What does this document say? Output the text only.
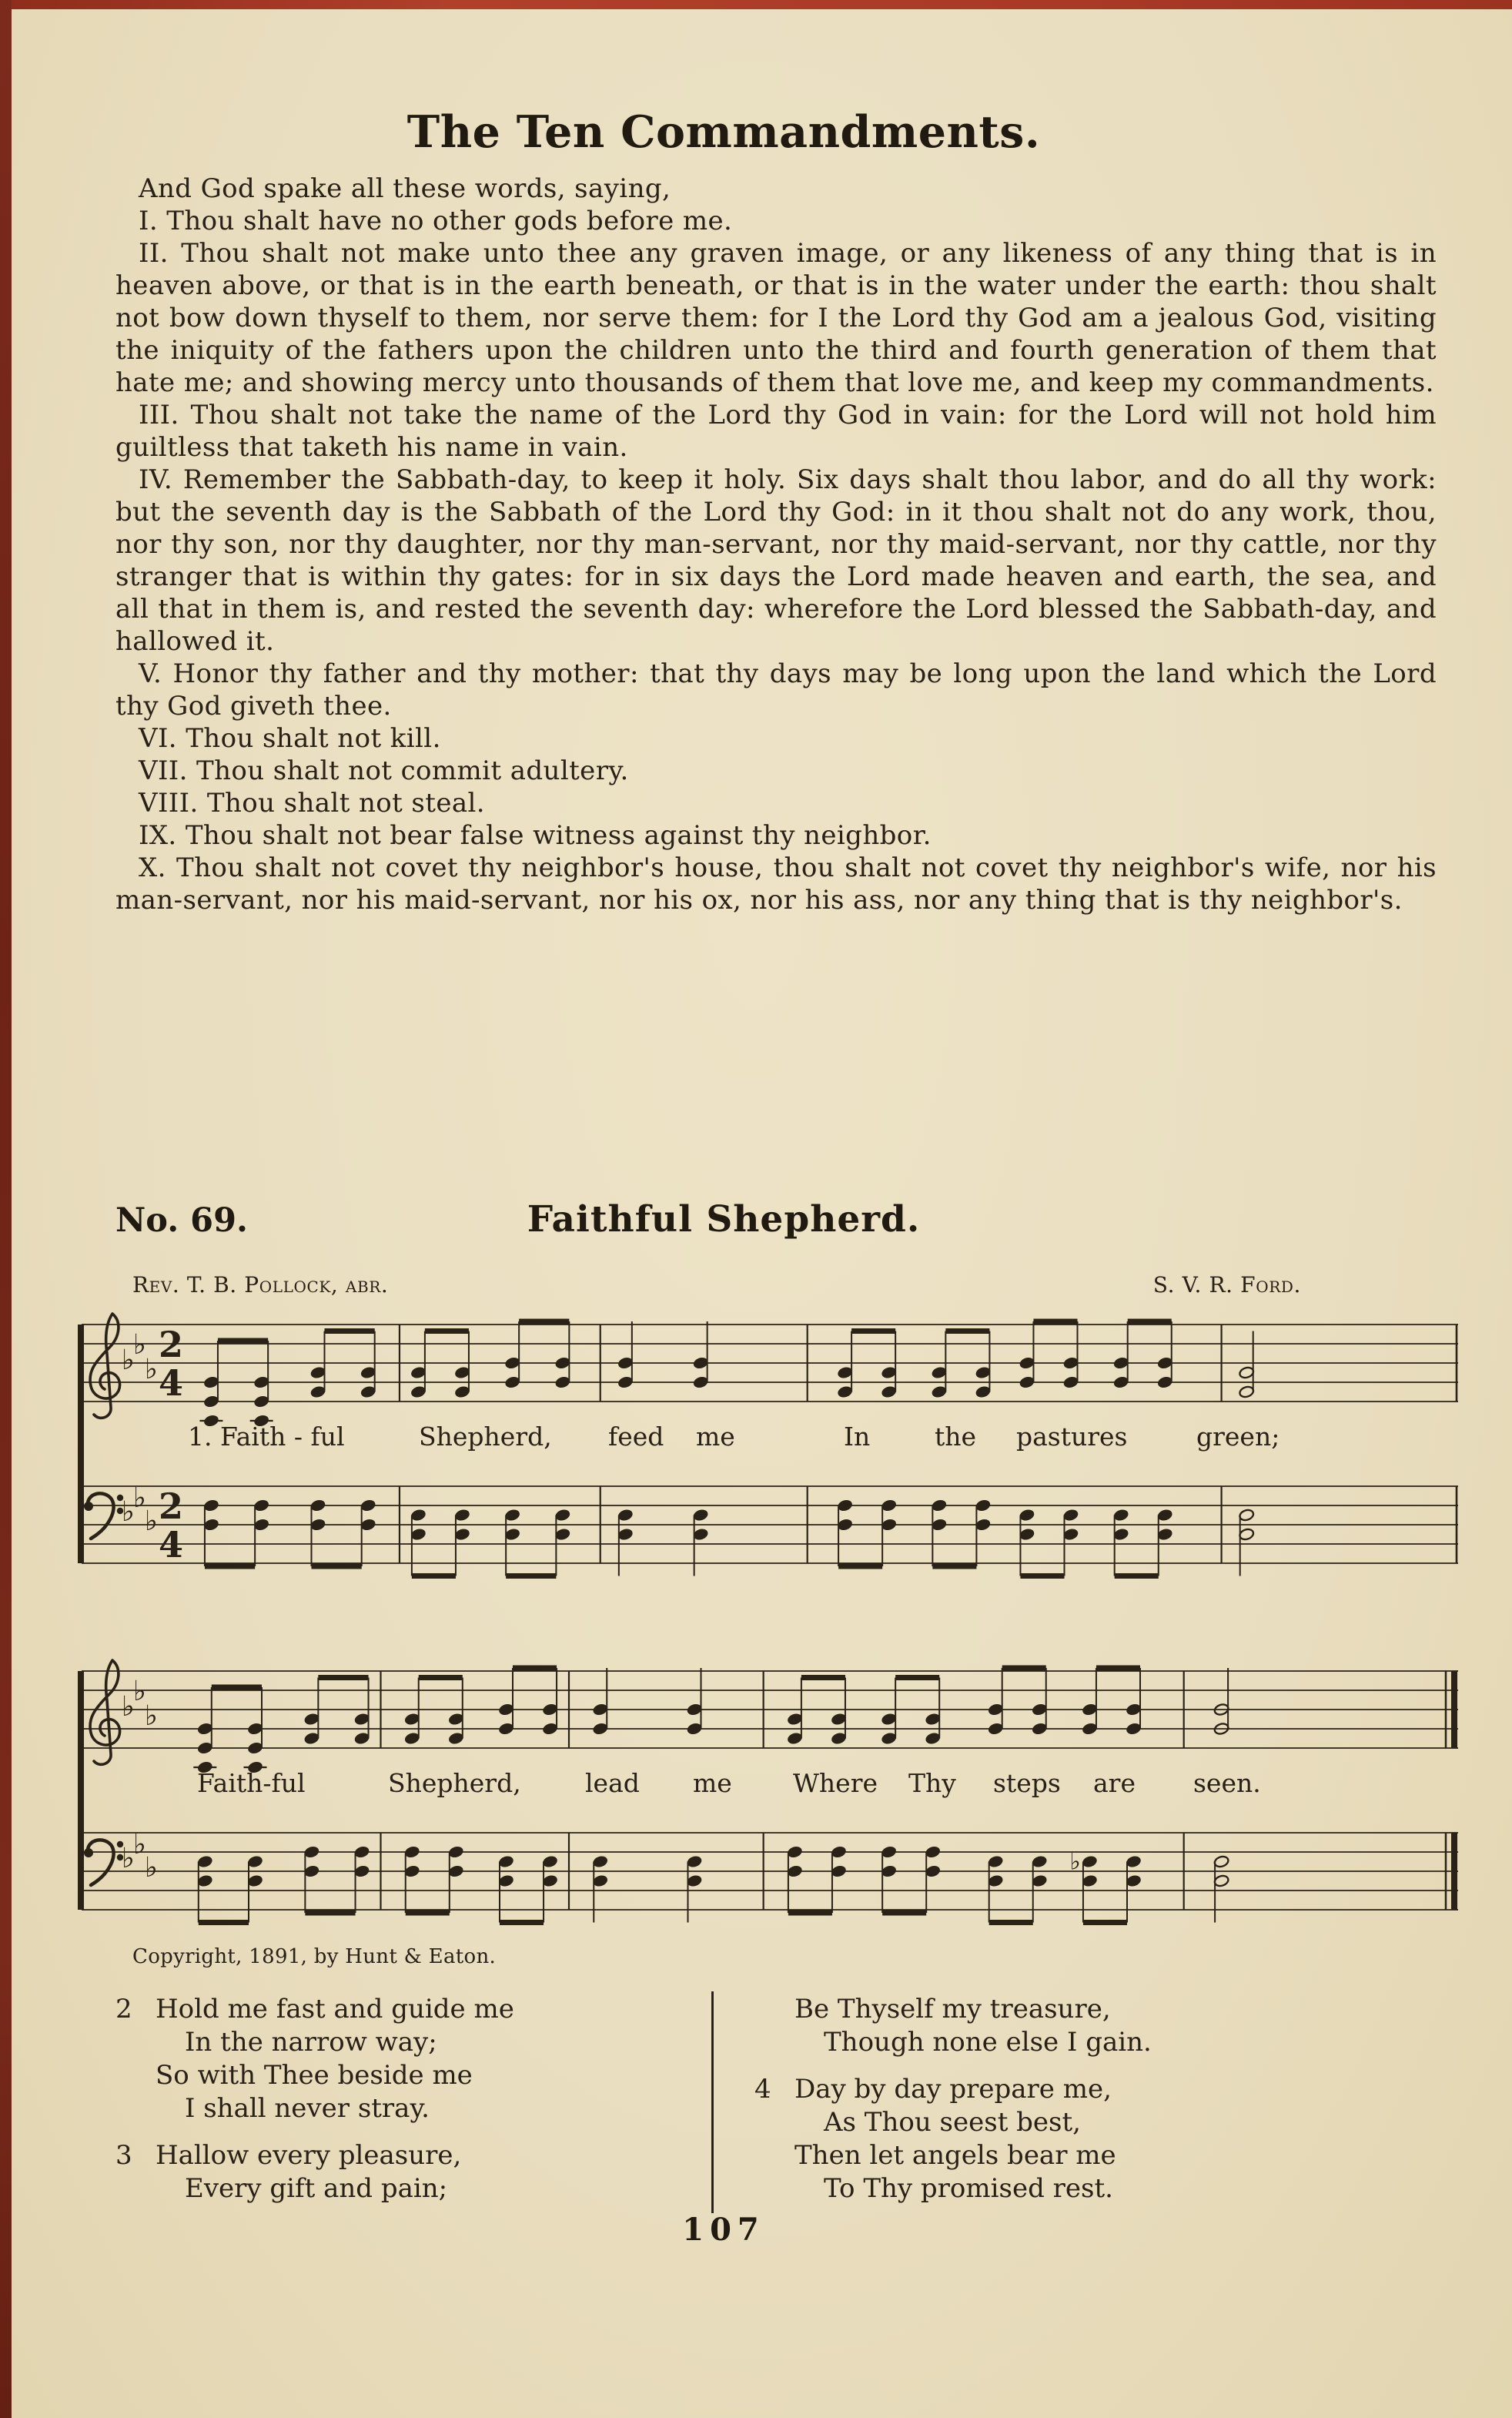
The Ten Commandments.

And God spake all these words, saying,

I. Thou shalt have no other gods before me.

II. Thou shalt not make unto thee any graven image, or any likeness of any thing that is in heaven above, or that is in the earth beneath, or that is in the water under the earth: thou shalt not bow down thyself to them, nor serve them: for I the Lord thy God am a jealous God, visiting the iniquity of the fathers upon the children unto the third and fourth generation of them that hate me; and showing mercy unto thousands of them that love me, and keep my commandments.

III. Thou shalt not take the name of the Lord thy God in vain: for the Lord will not hold him guiltless that taketh his name in vain.

IV. Remember the Sabbath-day, to keep it holy. Six days shalt thou labor, and do all thy work: but the seventh day is the Sabbath of the Lord thy God: in it thou shalt not do any work, thou, nor thy son, nor thy daughter, nor thy man-servant, nor thy maid-servant, nor thy cattle, nor thy stranger that is within thy gates: for in six days the Lord made heaven and earth, the sea, and all that in them is, and rested the seventh day: wherefore the Lord blessed the Sabbath-day, and hallowed it.

V. Honor thy father and thy mother: that thy days may be long upon the land which the Lord thy God giveth thee.

VI. Thou shalt not kill.

VII. Thou shalt not commit adultery.

VIII. Thou shalt not steal.

IX. Thou shalt not bear false witness against thy neighbor.

X. Thou shalt not covet thy neighbor's house, thou shalt not covet thy neighbor's wife, nor his man-servant, nor his maid-servant, nor his ox, nor his ass, nor any thing that is thy neighbor's.

No. 69.	Faithful Shepherd.
Rev. T. B. Pollock, abr.	S. V. R. Ford.
♭
♭
♭
2
4
♭
♭
♭ 2
4
♭
♭
♭
♭
♭
♭	♭
Copyright, 1891, by Hunt & Eaton.
2 Hold me fast and guide me
In the narrow way;
So with Thee beside me
I shall never stray.
3 Hallow every pleasure,
Every gift and pain;
Be Thyself my treasure,
Though none else I gain.
4 Day by day prepare me,
As Thou seest best,
Then let angels bear me
To Thy promised rest.
107
1. Faith - ful	Shepherd, feed me	In	the pastures	green;
Faith-ful	Shepherd,	lead me Where Thy steps are seen.
